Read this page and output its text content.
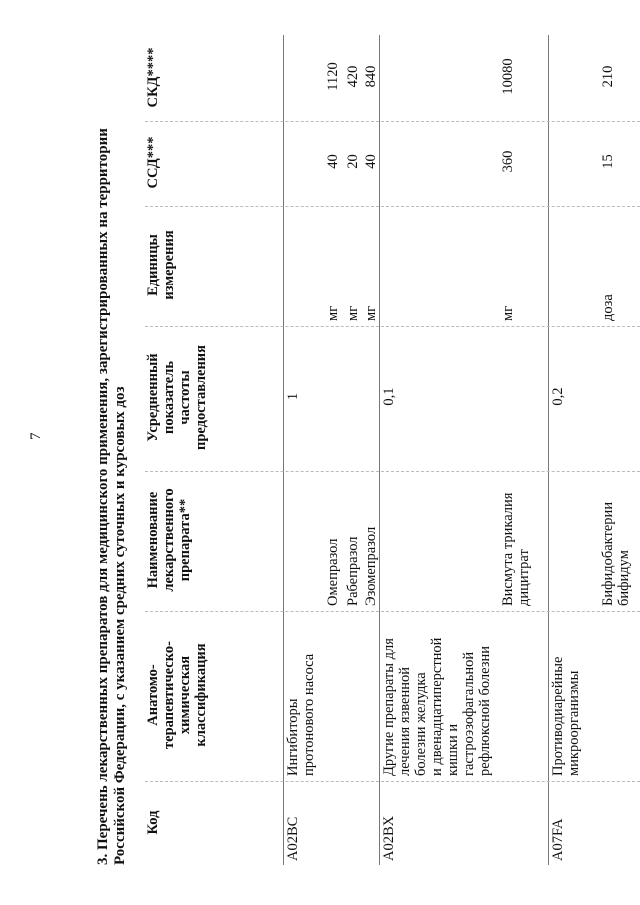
7	3. Перечень лекарственных препаратов для медицинского применения, зарегистрированных на территории Российской Федерации, с указанием средних суточных и курсовых доз Код
Анатомо- терапевтическо- химическая классификация
Наименование лекарственного препарата**
Усредненный показатель частоты предоставления
Единицы измерения
ССД***
СКД****
A02BC
Ингибиторы протонового насоса
1
Омепразол
мг
40
1120
Рабепразол
мг
20
420
Эзомепразол
мг
40
840
A02BX
Другие препараты для лечения язвенной болезни желудка и двенадцатиперстной кишки и гастроэзофагальной рефлюксной болезни
0,1
Висмута трикалия дицитрат
мг
360
10080
A07FA
Противодиарейные микроорганизмы
0,2
Бифидобактерии бифидум
доза
15
210
